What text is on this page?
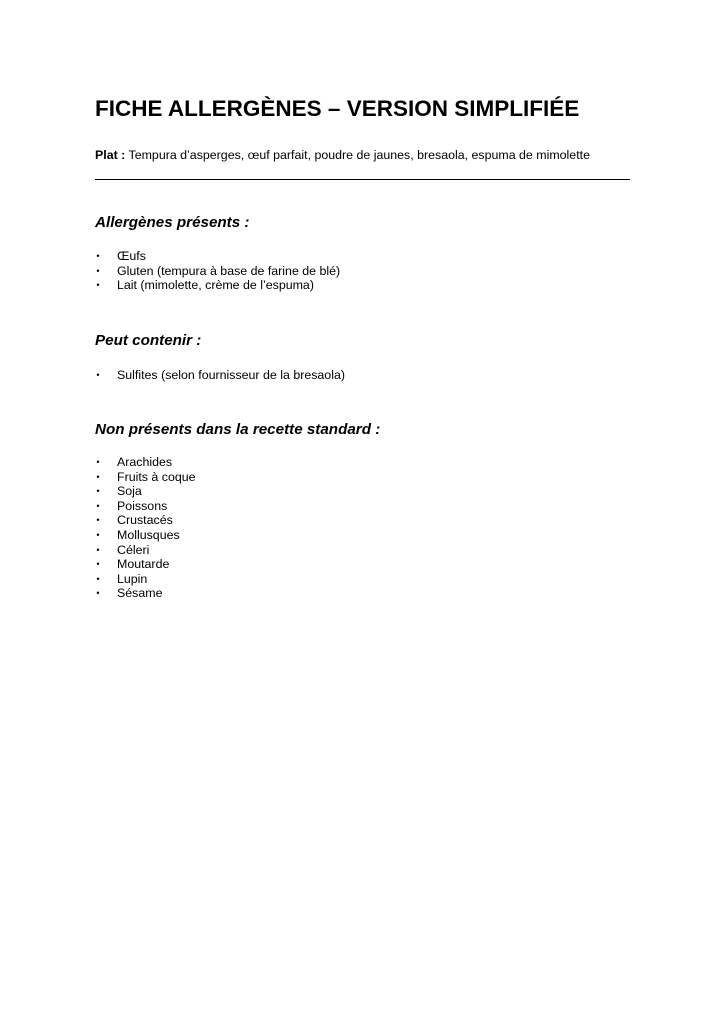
FICHE ALLERGÈNES – VERSION SIMPLIFIÉE

Plat : Tempura d’asperges, œuf parfait, poudre de jaunes, bresaola, espuma de mimolette

Allergènes présents :
• Œufs
• Gluten (tempura à base de farine de blé)
• Lait (mimolette, crème de l’espuma)
Peut contenir :
• Sulfites (selon fournisseur de la bresaola)
Non présents dans la recette standard :
• Arachides
• Fruits à coque
• Soja
• Poissons
• Crustacés
• Mollusques
• Céleri
• Moutarde
• Lupin
• Sésame
